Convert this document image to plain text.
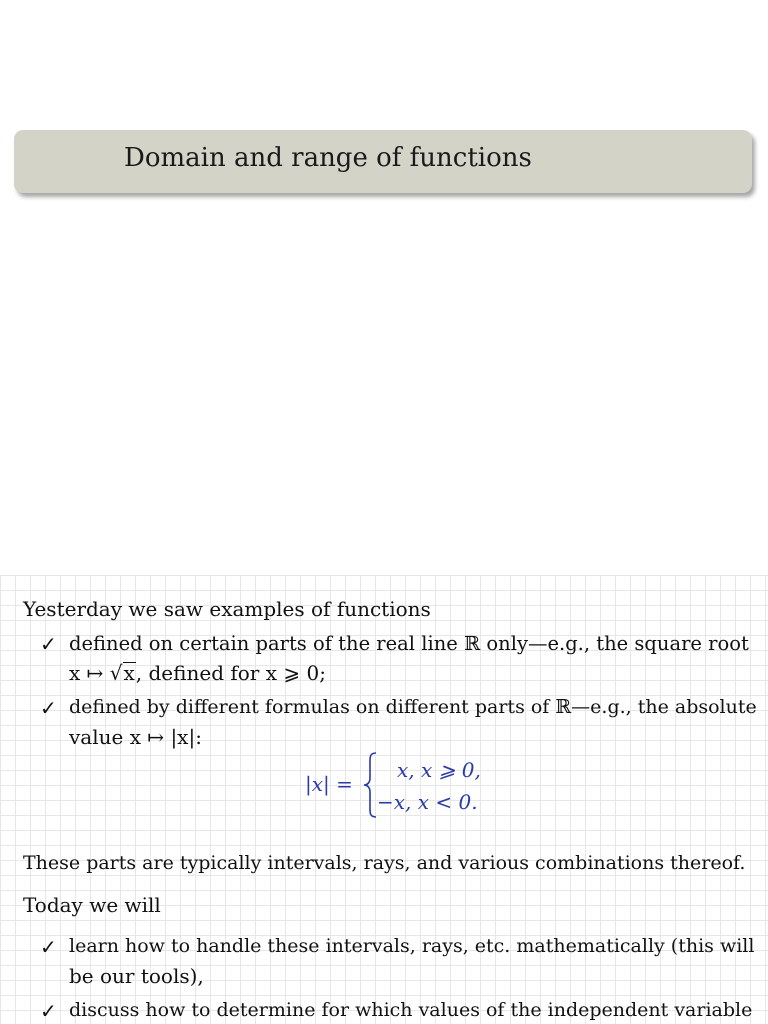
Domain and range of functions
Yesterday we saw examples of functions
✓ defined on certain parts of the real line ℝ only—e.g., the square root
x ↦ √x, defined for x ⩾ 0;
✓ defined by different formulas on different parts of ℝ—e.g., the absolute
value x ↦ |x|:
|x| =
x, x ⩾ 0,
−x, x < 0.
These parts are typically intervals, rays, and various combinations thereof.
Today we will
✓ learn how to handle these intervals, rays, etc. mathematically (this will
be our tools),
✓ discuss how to determine for which values of the independent variable
